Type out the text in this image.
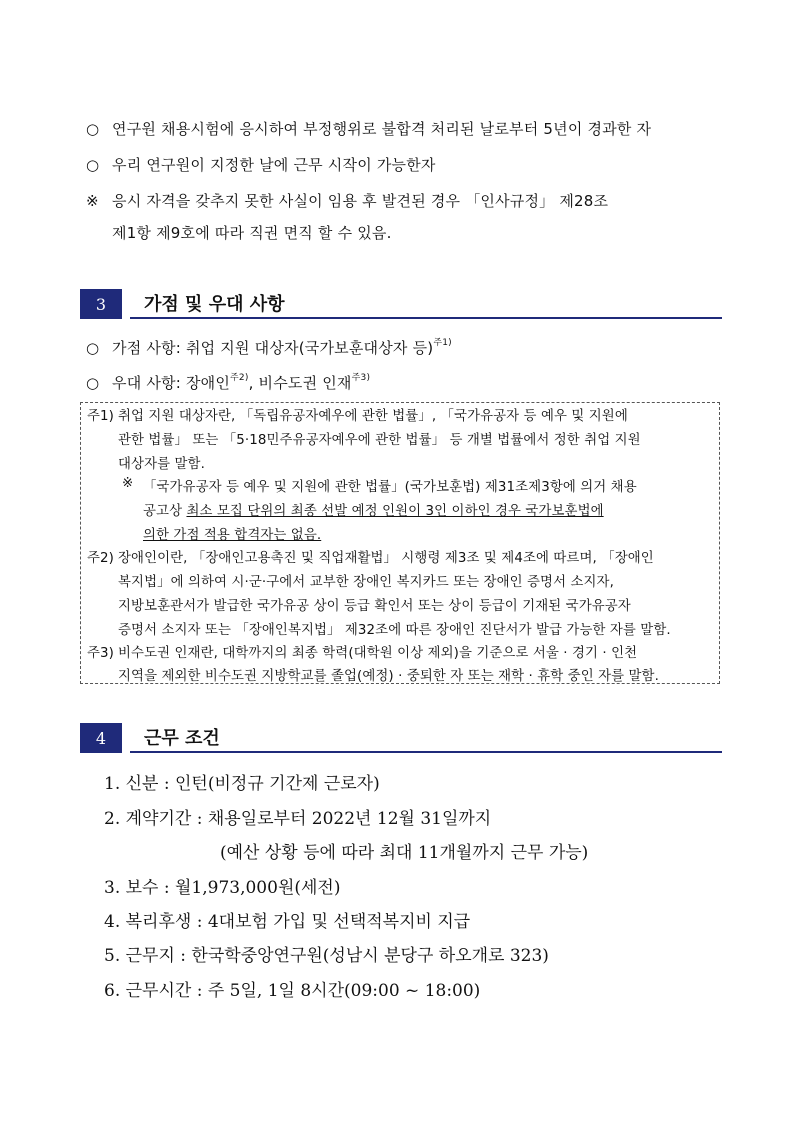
○ 연구원 채용시험에 응시하여 부정행위로 불합격 처리된 날로부터 5년이 경과한 자
○ 우리 연구원이 지정한 날에 근무 시작이 가능한자
※ 응시 자격을 갖추지 못한 사실이 임용 후 발견된 경우 「인사규정」 제28조
제1항 제9호에 따라 직권 면직 할 수 있음.
3	가점 및 우대 사항
○ 가점 사항: 취업 지원 대상자(국가보훈대상자 등)$^{주1)}$
○ 우대 사항: 장애인$^{주2)}$, 비수도권 인재$^{주3)}$
주1) 취업 지원 대상자란, 「독립유공자예우에 관한 법률」, 「국가유공자 등 예우 및 지원에
관한 법률」 또는 「5·18민주유공자예우에 관한 법률」 등 개별 법률에서 정한 취업 지원
대상자를 말함.
※ 「국가유공자 등 예우 및 지원에 관한 법률」(국가보훈법) 제31조제3항에 의거 채용
공고상 최소 모집 단위의 최종 선발 예정 인원이 3인 이하인 경우 국가보훈법에
의한 가점 적용 합격자는 없음.
주2) 장애인이란, 「장애인고용촉진 및 직업재활법」 시행령 제3조 및 제4조에 따르며, 「장애인
복지법」에 의하여 시·군·구에서 교부한 장애인 복지카드 또는 장애인 증명서 소지자,
지방보훈관서가 발급한 국가유공 상이 등급 확인서 또는 상이 등급이 기재된 국가유공자
증명서 소지자 또는 「장애인복지법」 제32조에 따른 장애인 진단서가 발급 가능한 자를 말함.
주3) 비수도권 인재란, 대학까지의 최종 학력(대학원 이상 제외)을 기준으로 서울 · 경기 · 인천
지역을 제외한 비수도권 지방학교를 졸업(예정) · 중퇴한 자 또는 재학 · 휴학 중인 자를 말함.
4	근무 조건
1. 신분 : 인턴(비정규 기간제 근로자)
2. 계약기간 : 채용일로부터 2022년 12월 31일까지
(예산 상황 등에 따라 최대 11개월까지 근무 가능)
3. 보수 : 월1,973,000원(세전)
4. 복리후생 : 4대보험 가입 및 선택적복지비 지급
5. 근무지 : 한국학중앙연구원(성남시 분당구 하오개로 323)
6. 근무시간 : 주 5일, 1일 8시간(09:00 ~ 18:00)
